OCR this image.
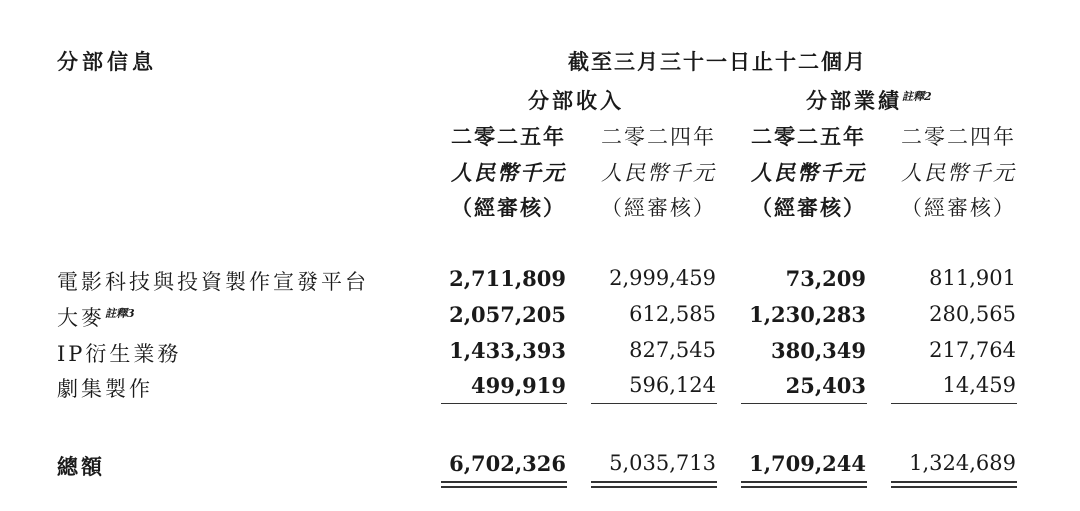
分部信息	截至三月三十一日止十二個月
分部收入	分部業績$^{註釋2}$
二零二五年	二零二四年	二零二五年	二零二四年
人民幣千元	人民幣千元	人民幣千元	人民幣千元
（經審核）	（經審核）	（經審核）	（經審核）
電影科技與投資製作宣發平台	2,711,809	2,999,459	73,209	811,901
大麥$^{註釋3}$	2,057,205	612,585	1,230,283	280,565
IP衍生業務	1,433,393	827,545	380,349	217,764
劇集製作	499,919	596,124	25,403	14,459
總額	6,702,326	5,035,713	1,709,244	1,324,689
